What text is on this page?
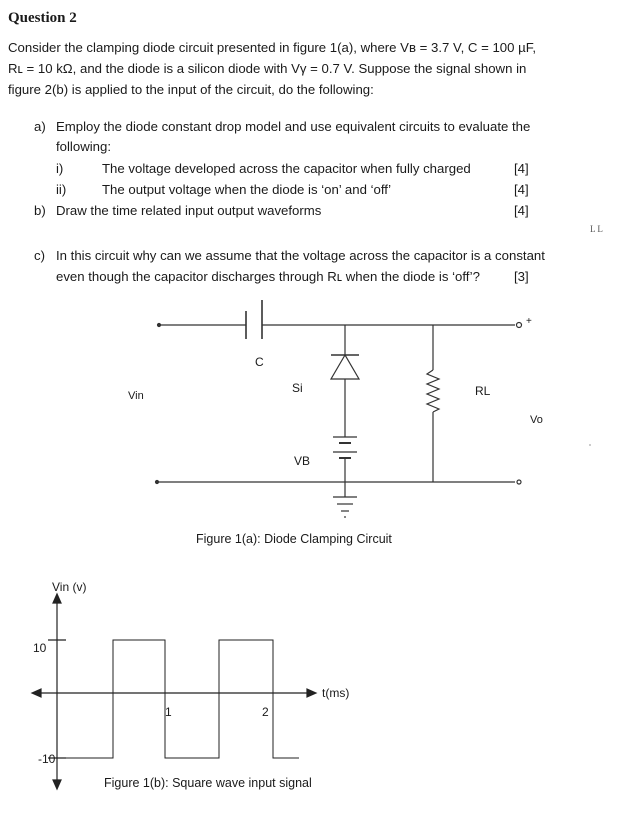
Question 2
Consider the clamping diode circuit presented in figure 1(a), where Vʙ = 3.7 V, C = 100 µF,
Rʟ = 10 kΩ, and the diode is a silicon diode with Vγ = 0.7 V. Suppose the signal shown in
figure 2(b) is applied to the input of the circuit, do the following:
a) Employ the diode constant drop model and use equivalent circuits to evaluate the
following:
i)	The voltage developed across the capacitor when fully charged	[4]
ii)	The output voltage when the diode is ‘on’ and ‘off’	[4]
b) Draw the time related input output waveforms	[4]
L L
c) In this circuit why can we assume that the voltage across the capacitor is a constant
even though the capacitor discharges through Rʟ when the diode is ‘off’?	[3]
C
Si
Vin
VB
RL
Vo
+
Figure 1(a): Diode Clamping Circuit
Vin (v)
10
-10
1	2
t(ms)
Figure 1(b): Square wave input signal
